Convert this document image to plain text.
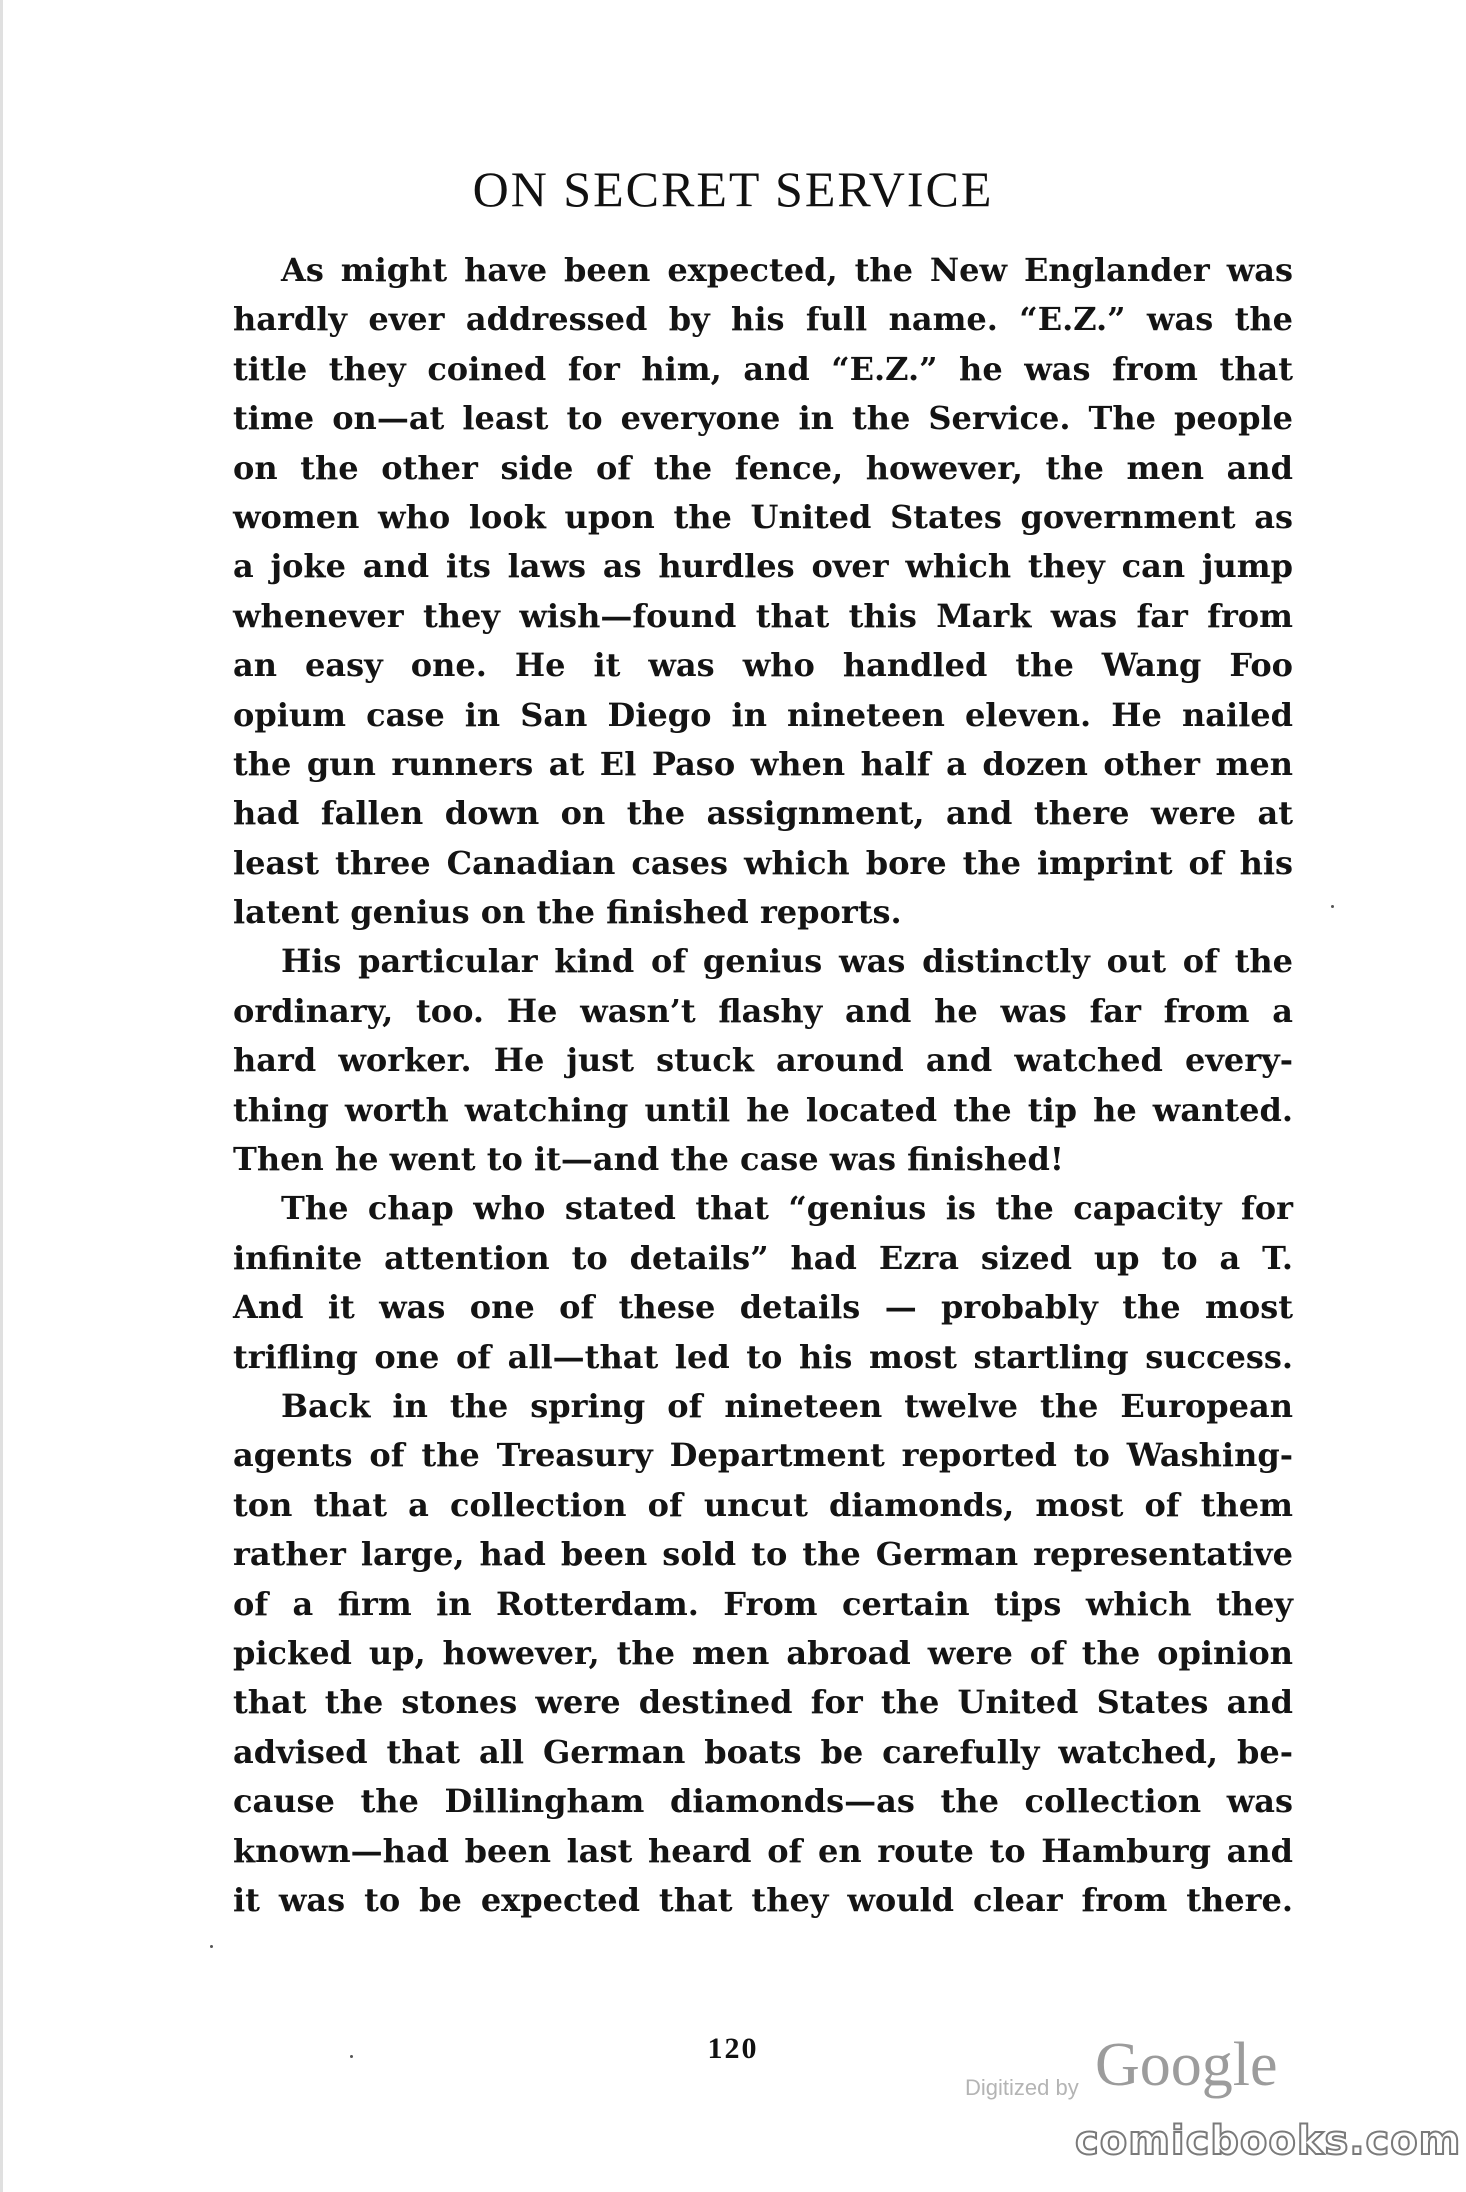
ON SECRET SERVICE
As might have been expected, the New Englander was
hardly ever addressed by his full name. “E.Z.” was the
title they coined for him, and “E.Z.” he was from that
time on—at least to everyone in the Service. The people
on the other side of the fence, however, the men and
women who look upon the United States government as
a joke and its laws as hurdles over which they can jump
whenever they wish—found that this Mark was far from
an easy one. He it was who handled the Wang Foo
opium case in San Diego in nineteen eleven. He nailed
the gun runners at El Paso when half a dozen other men
had fallen down on the assignment, and there were at
least three Canadian cases which bore the imprint of his
latent genius on the finished reports.
His particular kind of genius was distinctly out of the
ordinary, too. He wasn’t flashy and he was far from a
hard worker. He just stuck around and watched every-
thing worth watching until he located the tip he wanted.
Then he went to it—and the case was finished!
The chap who stated that “genius is the capacity for
infinite attention to details” had Ezra sized up to a T.
And it was one of these details — probably the most
trifling one of all—that led to his most startling success.
Back in the spring of nineteen twelve the European
agents of the Treasury Department reported to Washing-
ton that a collection of uncut diamonds, most of them
rather large, had been sold to the German representative
of a firm in Rotterdam. From certain tips which they
picked up, however, the men abroad were of the opinion
that the stones were destined for the United States and
advised that all German boats be carefully watched, be-
cause the Dillingham diamonds—as the collection was
known—had been last heard of en route to Hamburg and
it was to be expected that they would clear from there.
120
Digitized by Google
comicbooks.com
